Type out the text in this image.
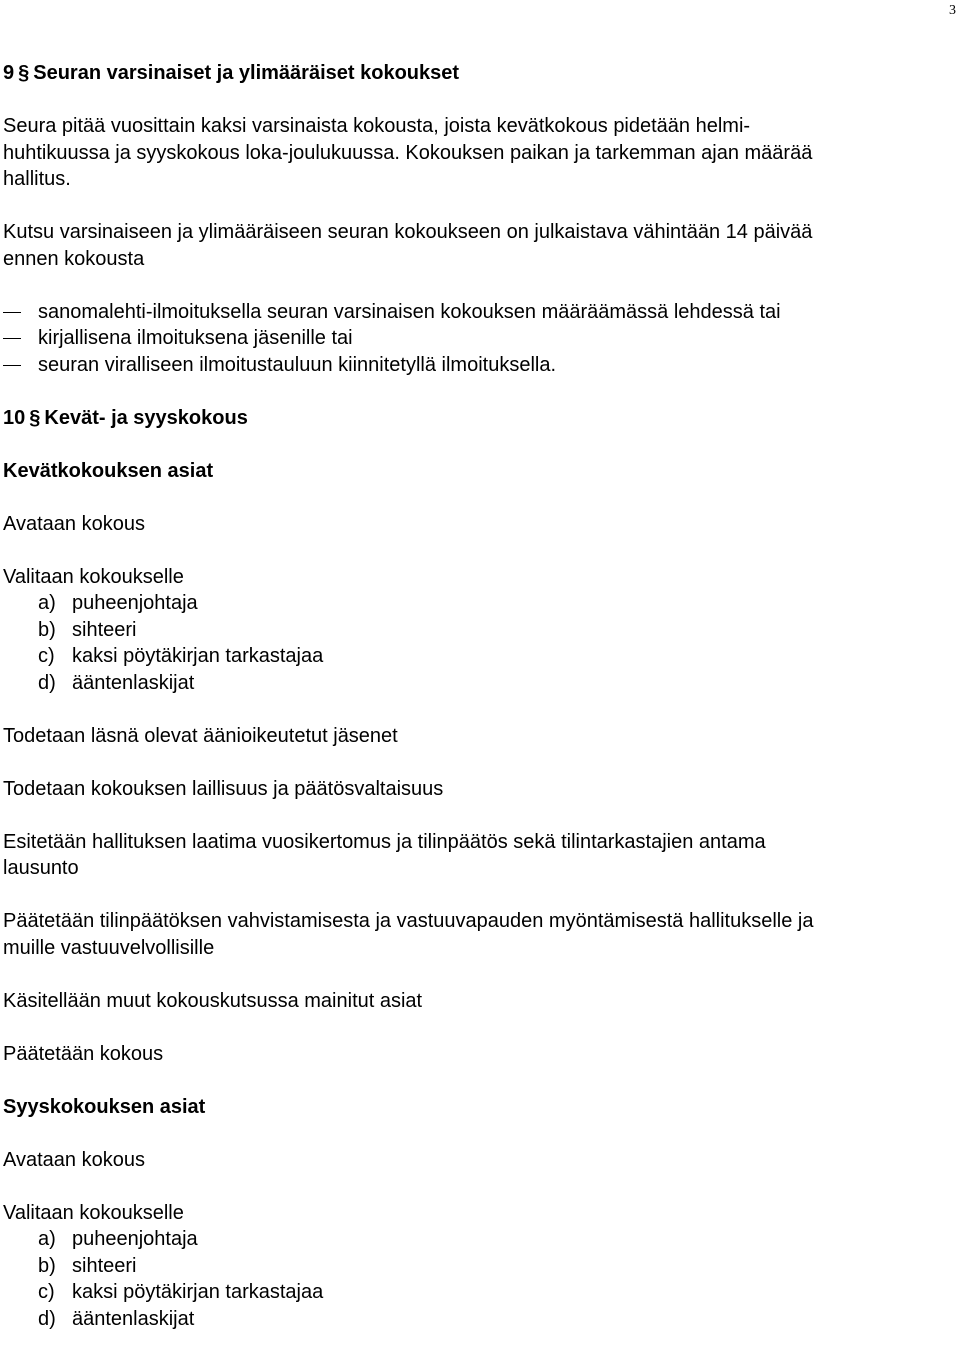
3
9 § Seuran varsinaiset ja ylimääräiset kokoukset

Seura pitää vuosittain kaksi varsinaista kokousta, joista kevätkokous pidetään helmi-

huhtikuussa ja syyskokous loka-joulukuussa. Kokouksen paikan ja tarkemman ajan määrää

hallitus.

Kutsu varsinaiseen ja ylimääräiseen seuran kokoukseen on julkaistava vähintään 14 päivää

ennen kokousta

sanomalehti-ilmoituksella seuran varsinaisen kokouksen määräämässä lehdessä tai
kirjallisena ilmoituksena jäsenille tai
seuran viralliseen ilmoitustauluun kiinnitetyllä ilmoituksella.
10 § Kevät- ja syyskokous
Kevätkokouksen asiat

Avataan kokous

Valitaan kokoukselle

a) puheenjohtaja
b) sihteeri
c) kaksi pöytäkirjan tarkastajaa
d) ääntenlaskijat

Todetaan läsnä olevat äänioikeutetut jäsenet

Todetaan kokouksen laillisuus ja päätösvaltaisuus

Esitetään hallituksen laatima vuosikertomus ja tilinpäätös sekä tilintarkastajien antama

lausunto

Päätetään tilinpäätöksen vahvistamisesta ja vastuuvapauden myöntämisestä hallitukselle ja

muille vastuuvelvollisille

Käsitellään muut kokouskutsussa mainitut asiat

Päätetään kokous

Syyskokouksen asiat

Avataan kokous

Valitaan kokoukselle

a) puheenjohtaja
b) sihteeri
c) kaksi pöytäkirjan tarkastajaa
d) ääntenlaskijat
